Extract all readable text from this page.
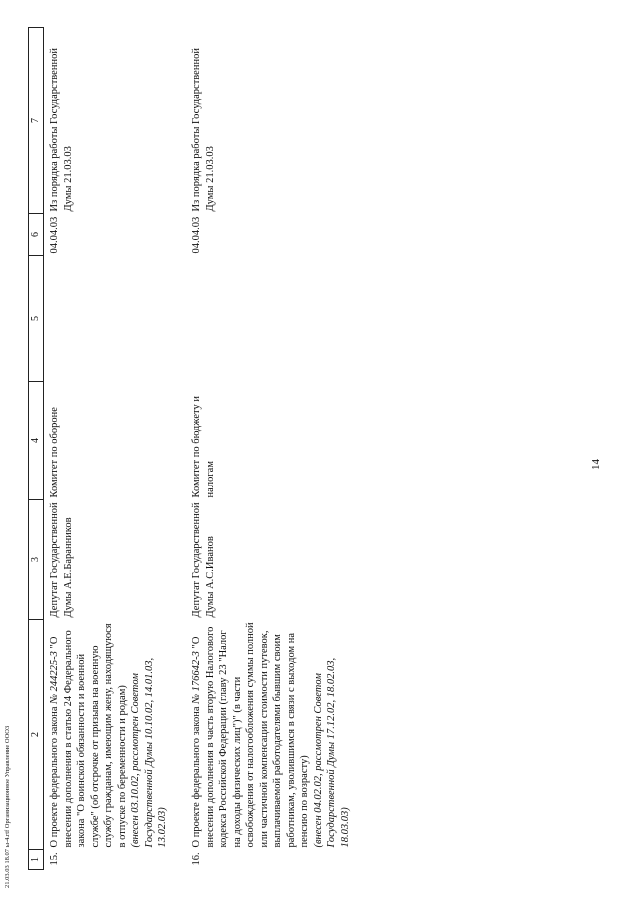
14
1	2	3	4	5	6	7
15.	О проекте федерального закона № 244225-3 "О внесении дополнения в статью 24 Федерального закона "О воинской обязанности и военной службе" (об отсрочке от призыва на военную службу гражданам, имеющим жену, находящуюся в отпуске по беременности и родам) (внесен 03.10.02, рассмотрен Советом Государственной Думы 10.10.02, 14.01.03, 13.02.03)	Депутат Государственной Думы А.Е.Баранников	Комитет по обороне		04.04.03	Из порядка работы Государственной Думы 21.03.03
16.	О проекте федерального закона № 176642-3 "О внесении дополнения в часть вторую Налогового кодекса Российской Федерации (главу 23 "Налог на доходы физических лиц")" (в части освобождения от налогообложения суммы полной или частичной компенсации стоимости путевок, выплачиваемой работодателями бывшим своим работникам, уволившимся в связи с выходом на пенсию по возрасту) (внесен 04.02.02, рассмотрен Советом Государственной Думы 17.12.02, 18.02.03, 18.03.03)	Депутат Государственной Думы А.С.Иванов	Комитет по бюджету и налогам		04.04.03	Из порядка работы Государственной Думы 21.03.03
21.03.03 18.07 ы-4.rtf Организационное Управление ООО3
